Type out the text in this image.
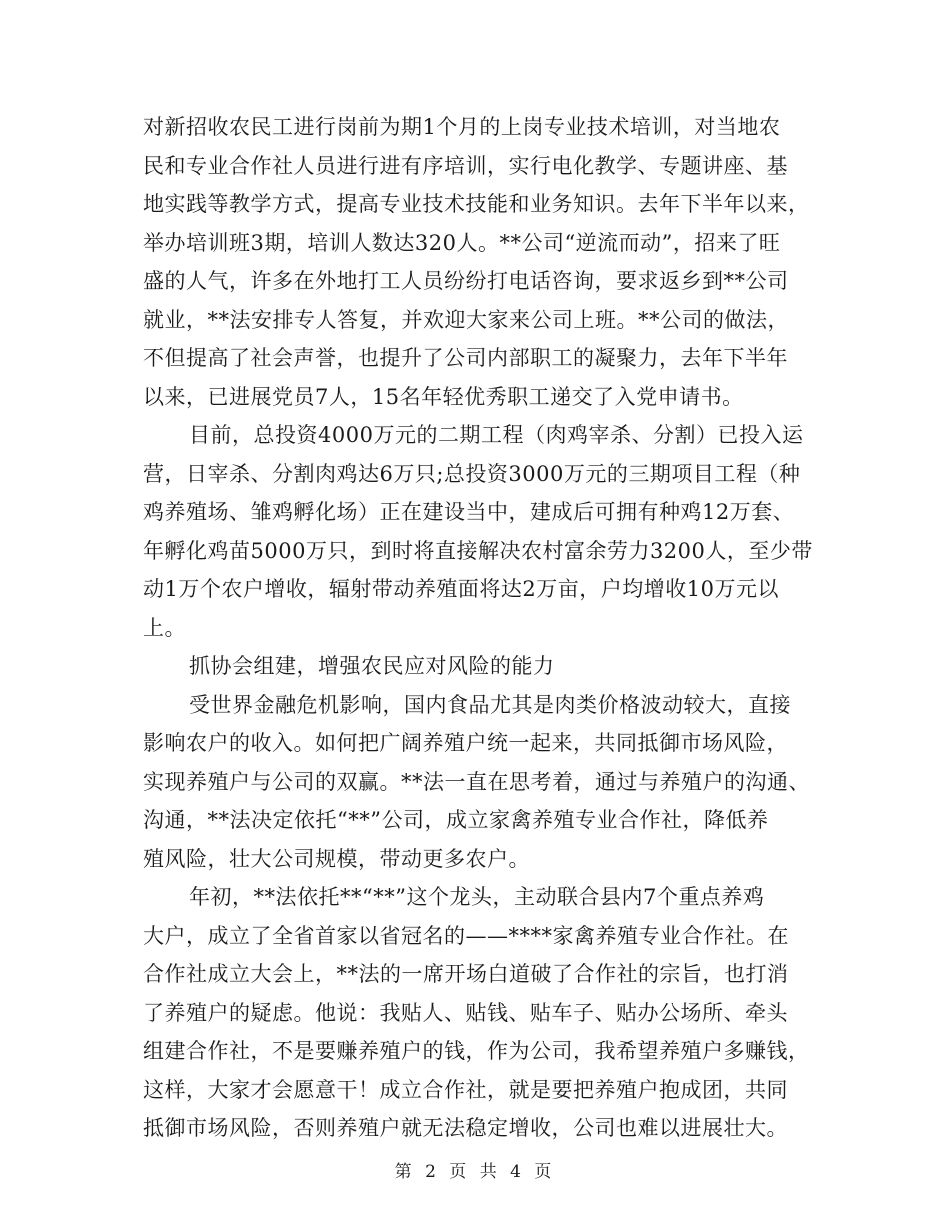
对新招收农民工进行岗前为期1个月的上岗专业技术培训，对当地农
民和专业合作社人员进行进有序培训，实行电化教学、专题讲座、基
地实践等教学方式，提高专业技术技能和业务知识。去年下半年以来，
举办培训班3期，培训人数达320人。**公司“逆流而动”，招来了旺
盛的人气，许多在外地打工人员纷纷打电话咨询，要求返乡到**公司
就业，**法安排专人答复，并欢迎大家来公司上班。**公司的做法，
不但提高了社会声誉，也提升了公司内部职工的凝聚力，去年下半年
以来，已进展党员7人，15名年轻优秀职工递交了入党申请书。
目前，总投资4000万元的二期工程（肉鸡宰杀、分割）已投入运
营，日宰杀、分割肉鸡达6万只;总投资3000万元的三期项目工程（种
鸡养殖场、雏鸡孵化场）正在建设当中，建成后可拥有种鸡12万套、
年孵化鸡苗5000万只，到时将直接解决农村富余劳力3200人，至少带
动1万个农户增收，辐射带动养殖面将达2万亩，户均增收10万元以
上。
抓协会组建，增强农民应对风险的能力
受世界金融危机影响，国内食品尤其是肉类价格波动较大，直接
影响农户的收入。如何把广阔养殖户统一起来，共同抵御市场风险，
实现养殖户与公司的双赢。**法一直在思考着，通过与养殖户的沟通、
沟通，**法决定依托“**”公司，成立家禽养殖专业合作社，降低养
殖风险，壮大公司规模，带动更多农户。
年初，**法依托**“**”这个龙头，主动联合县内7个重点养鸡
大户，成立了全省首家以省冠名的——****家禽养殖专业合作社。在
合作社成立大会上，**法的一席开场白道破了合作社的宗旨，也打消
了养殖户的疑虑。他说：我贴人、贴钱、贴车子、贴办公场所、牵头
组建合作社，不是要赚养殖户的钱，作为公司，我希望养殖户多赚钱，
这样，大家才会愿意干！成立合作社，就是要把养殖户抱成团，共同
抵御市场风险，否则养殖户就无法稳定增收，公司也难以进展壮大。
第 2 页 共 4 页
